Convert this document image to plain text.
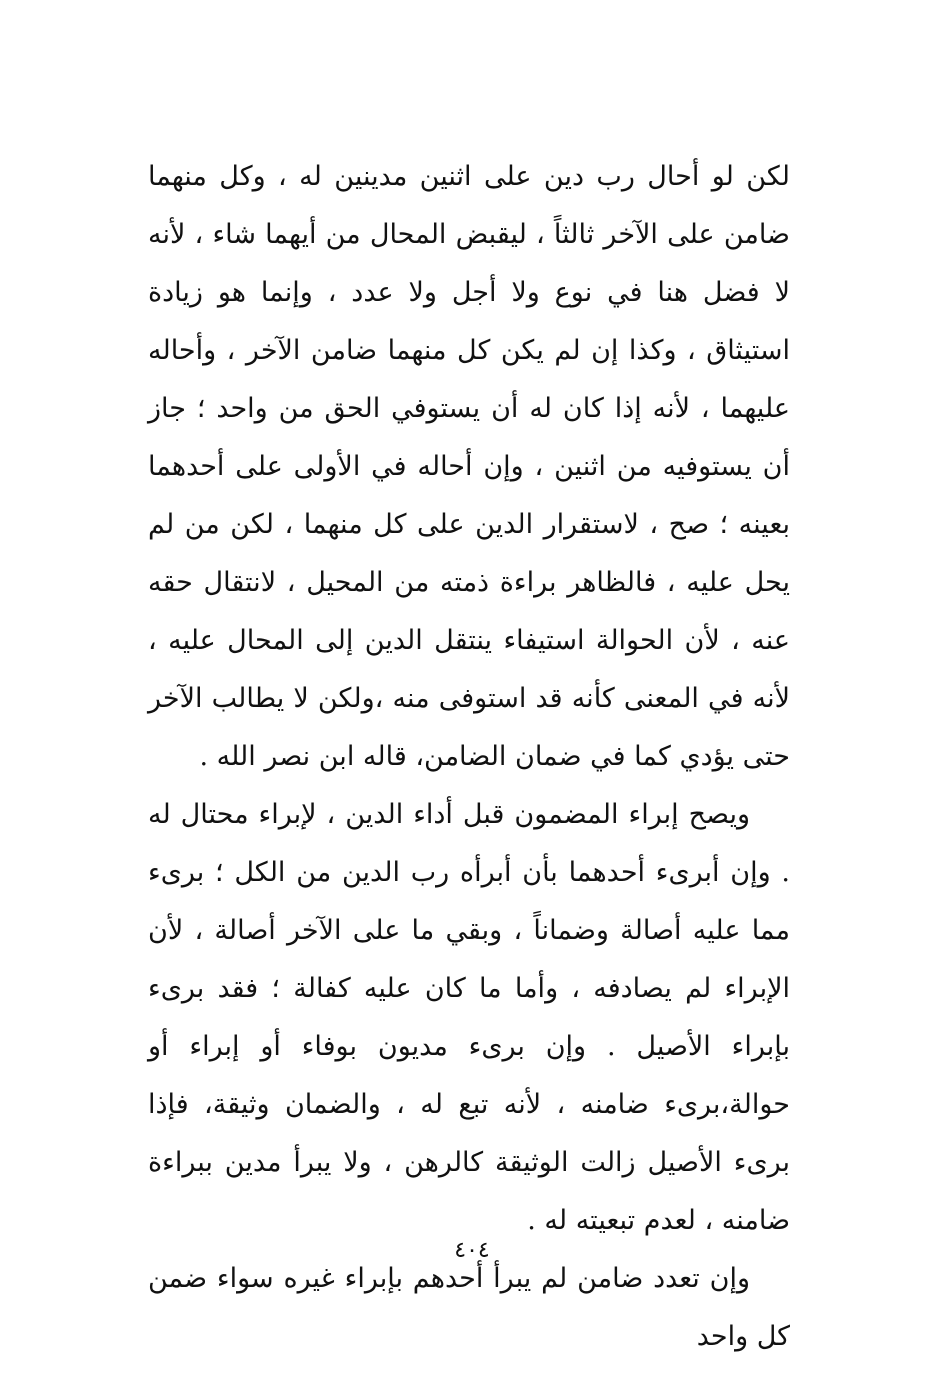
لكن لو أحال رب دين على اثنين مدينين له ، وكل منهما ضامن على الآخر ثالثاً ، ليقبض المحال من أيهما شاء ، لأنه لا فضل هنا في نوع ولا أجل ولا عدد ، وإنما هو زيادة استيثاق ، وكذا إن لم يكن كل منهما ضامن الآخر ، وأحاله عليهما ، لأنه إذا كان له أن يستوفي الحق من واحد ؛ جاز أن يستوفيه من اثنين ، وإن أحاله في الأولى على أحدهما بعينه ؛ صح ، لاستقرار الدين على كل منهما ، لكن من لم يحل عليه ، فالظاهر براءة ذمته من المحيل ، لانتقال حقه عنه ، لأن الحوالة استيفاء ينتقل الدين إلى المحال عليه ، لأنه في المعنى كأنه قد استوفى منه ،ولكن لا يطالب الآخر حتى يؤدي كما في ضمان الضامن، قاله ابن نصر الله .

ويصح إبراء المضمون قبل أداء الدين ، لإبراء محتال له . وإن أبرىء أحدهما بأن أبرأه رب الدين من الكل ؛ برىء مما عليه أصالة وضماناً ، وبقي ما على الآخر أصالة ، لأن الإبراء لم يصادفه ، وأما ما كان عليه كفالة ؛ فقد برىء بإبراء الأصيل . وإن برىء مديون بوفاء أو إبراء أو حوالة،برىء ضامنه ، لأنه تبع له ، والضمان وثيقة، فإذا برىء الأصيل زالت الوثيقة كالرهن ، ولا يبرأ مدين ببراءة ضامنه ، لعدم تبعيته له .

وإن تعدد ضامن لم يبرأ أحدهم بإبراء غيره سواء ضمن كل واحد

٤٠٤
